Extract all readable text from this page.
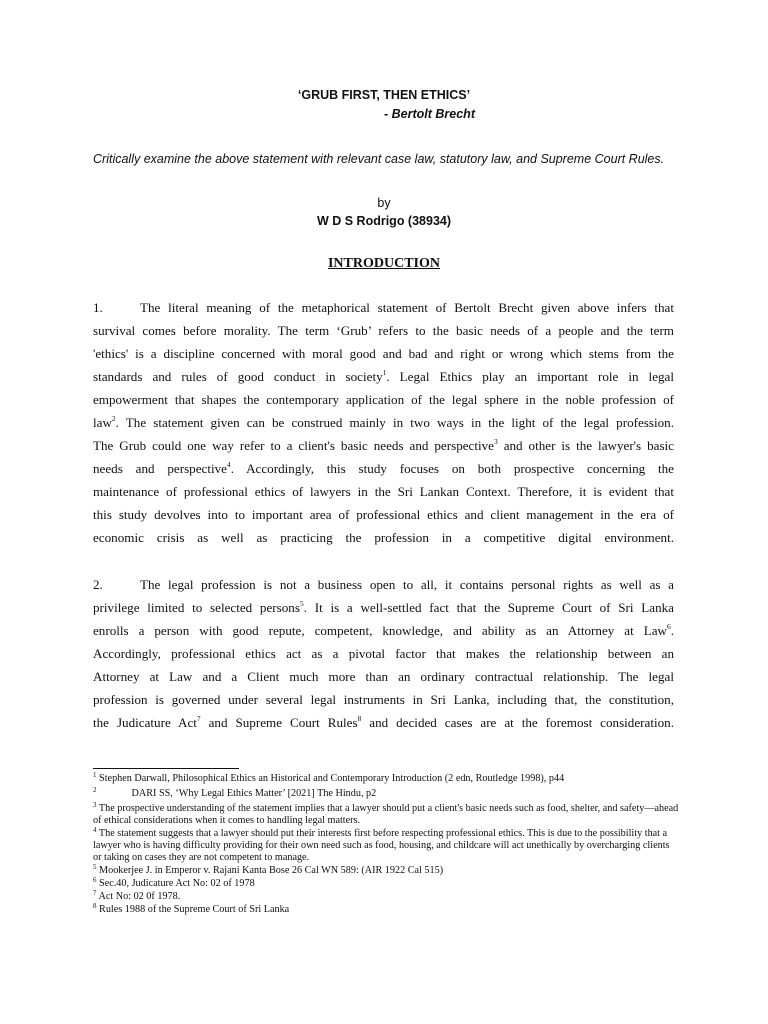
‘GRUB FIRST, THEN ETHICS’
- Bertolt Brecht
Critically examine the above statement with relevant case law, statutory law, and Supreme Court Rules.
by
W D S Rodrigo (38934)
INTRODUCTION
1.	The literal meaning of the metaphorical statement of Bertolt Brecht given above infers that
survival comes before morality. The term ‘Grub’ refers to the basic needs of a people and the term
'ethics' is a discipline concerned with moral good and bad and right or wrong which stems from the
standards and rules of good conduct in society$^1$. Legal Ethics play an important role in legal
empowerment that shapes the contemporary application of the legal sphere in the noble profession of
law$^2$. The statement given can be construed mainly in two ways in the light of the legal profession.
The Grub could one way refer to a client's basic needs and perspective$^3$ and other is the lawyer's basic
needs and perspective$^4$. Accordingly, this study focuses on both prospective concerning the
maintenance of professional ethics of lawyers in the Sri Lankan Context. Therefore, it is evident that
this study devolves into to important area of professional ethics and client management in the era of
economic crisis as well as practicing the profession in a competitive digital environment.
2.	The legal profession is not a business open to all, it contains personal rights as well as a
privilege limited to selected persons$^5$. It is a well-settled fact that the Supreme Court of Sri Lanka
enrolls a person with good repute, competent, knowledge, and ability as an Attorney at Law$^6$.
Accordingly, professional ethics act as a pivotal factor that makes the relationship between an
Attorney at Law and a Client much more than an ordinary contractual relationship. The legal
profession is governed under several legal instruments in Sri Lanka, including that, the constitution,
the Judicature Act$^7$ and Supreme Court Rules$^8$ and decided cases are at the foremost consideration.
$^1$ Stephen Darwall, Philosophical Ethics an Historical and Contemporary Introduction (2 edn, Routledge 1998), p44
$^2$	DARI SS, ‘Why Legal Ethics Matter’ [2021] The Hindu, p2
$^3$ The prospective understanding of the statement implies that a lawyer should put a client's basic needs such as food, shelter, and safety—ahead of ethical considerations when it comes to handling legal matters.
$^4$ The statement suggests that a lawyer should put their interests first before respecting professional ethics. This is due to the possibility that a lawyer who is having difficulty providing for their own need such as food, housing, and childcare will act unethically by overcharging clients or taking on cases they are not competent to manage.
$^5$ Mookerjee J. in Emperor v. Rajani Kanta Bose 26 Cal WN 589: (AIR 1922 Cal 515)
$^6$ Sec.40, Judicature Act No: 02 of 1978
$^7$ Act No: 02 0f 1978.
$^8$ Rules 1988 of the Supreme Court of Sri Lanka
